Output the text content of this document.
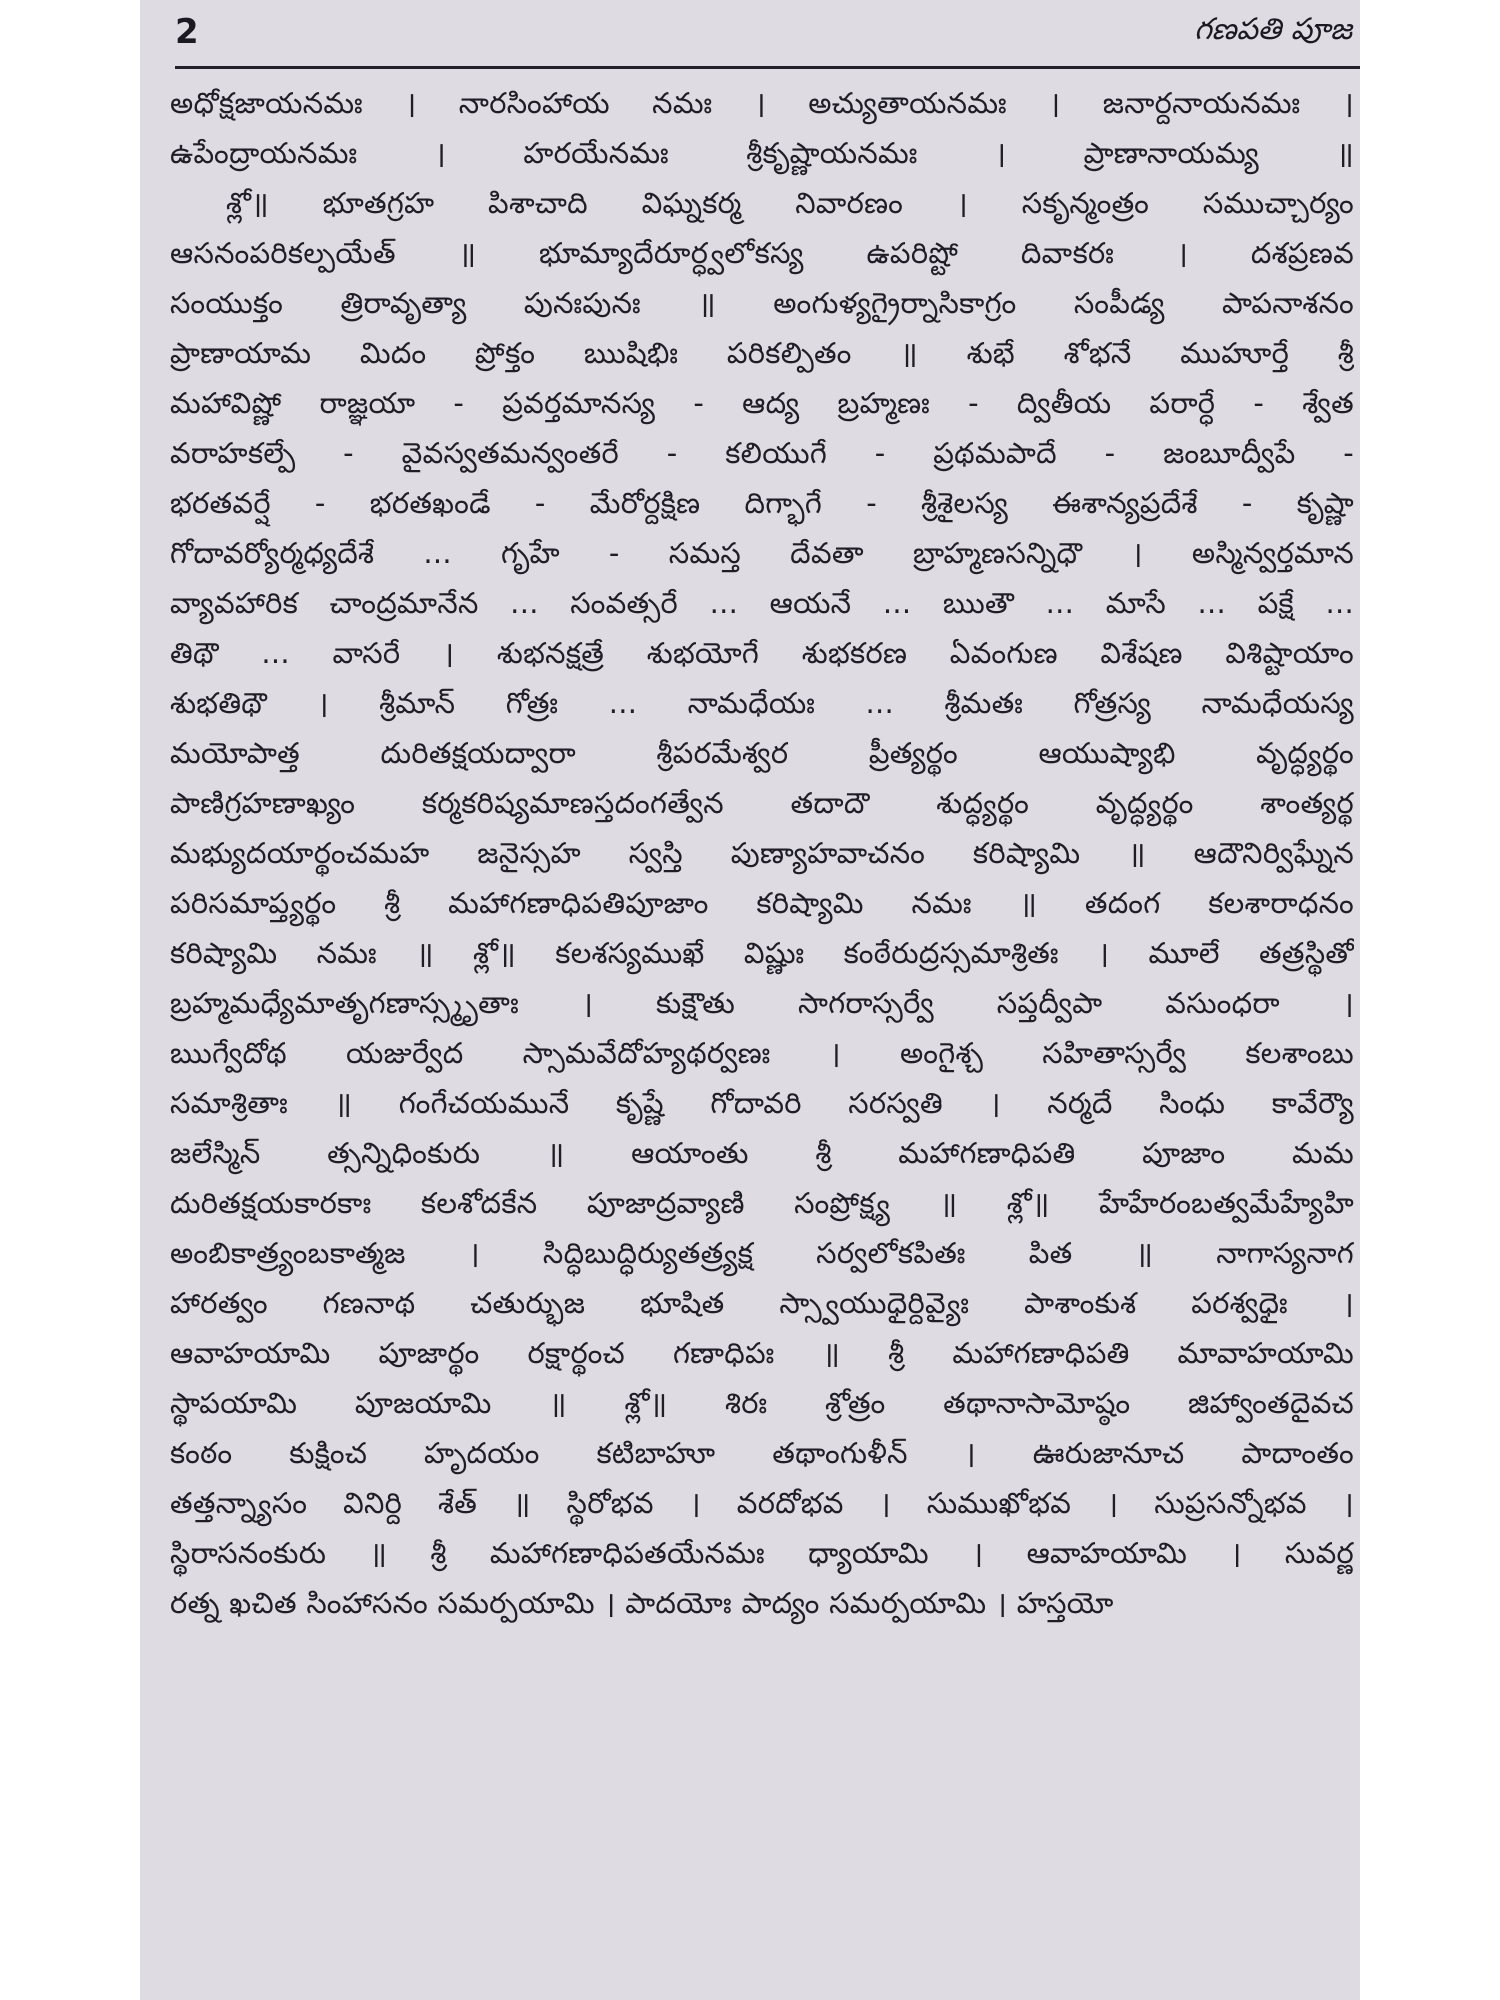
2	గణపతి పూజ
అధోక్షజాయనమః । నారసింహాయ నమః । అచ్యుతాయనమః । జనార్దనాయనమః ।
ఉపేంద్రాయనమః । హరయేనమః శ్రీకృష్ణాయనమః । ప్రాణానాయమ్య ॥
శ్లో॥ భూతగ్రహ పిశాచాది విఘ్నకర్మ నివారణం । సకృన్మంత్రం సముచ్చార్యం
ఆసనంపరికల్పయేత్ ॥ భూమ్యాదేరూర్ధ్వలోకస్య ఉపరిష్టో దివాకరః । దశప్రణవ
సంయుక్తం త్రిరావృత్యా పునఃపునః ॥ అంగుళ్యగ్రైర్నాసికాగ్రం సంపీడ్య పాపనాశనం
ప్రాణాయామ మిదం ప్రోక్తం ఋషిభిః పరికల్పితం ॥ శుభే శోభనే ముహూర్తే శ్రీ
మహావిష్ణో రాజ్ఞయా - ప్రవర్తమానస్య - ఆద్య బ్రహ్మణః - ద్వితీయ పరార్ధే - శ్వేత
వరాహకల్పే - వైవస్వతమన్వంతరే - కలియుగే - ప్రథమపాదే - జంబూద్వీపే -
భరతవర్షే - భరతఖండే - మేరోర్దక్షిణ దిగ్భాగే - శ్రీశైలస్య ఈశాన్యప్రదేశే - కృష్ణా
గోదావర్యోర్మధ్యదేశే ... గృహే - సమస్త దేవతా బ్రాహ్మణసన్నిధౌ । అస్మిన్వర్తమాన
వ్యావహారిక చాంద్రమానేన ... సంవత్సరే ... ఆయనే ... ఋతౌ ... మాసే ... పక్షే ...
తిథౌ ... వాసరే । శుభనక్షత్రే శుభయోగే శుభకరణ ఏవంగుణ విశేషణ విశిష్టాయాం
శుభతిథౌ । శ్రీమాన్ గోత్రః ... నామధేయః ... శ్రీమతః గోత్రస్య నామధేయస్య
మయోపాత్త దురితక్షయద్వారా శ్రీపరమేశ్వర ప్రీత్యర్థం ఆయుష్యాభి వృద్ధ్యర్థం
పాణిగ్రహణాఖ్యం కర్మకరిష్యమాణస్తదంగత్వేన తదాదౌ శుద్ధ్యర్థం వృద్ధ్యర్థం శాంత్యర్థ
మభ్యుదయార్థంచమహ జనైస్సహ స్వస్తి పుణ్యాహవాచనం కరిష్యామి ॥ ఆదౌనిర్విఘ్నేన
పరిసమాప్త్యర్థం శ్రీ మహాగణాధిపతిపూజాం కరిష్యామి నమః ॥ తదంగ కలశారాధనం
కరిష్యామి నమః ॥ శ్లో॥ కలశస్యముఖే విష్ణుః కంఠేరుద్రస్సమాశ్రితః । మూలే తత్రస్థితో
బ్రహ్మమధ్యేమాతృగణాస్స్మృతాః । కుక్షౌతు సాగరాస్సర్వే సప్తద్వీపా వసుంధరా ।
ఋగ్వేదోథ యజుర్వేద స్సామవేదోహ్యథర్వణః । అంగైశ్చ సహితాస్సర్వే కలశాంబు
సమాశ్రితాః ॥ గంగేచయమునే కృష్ణే గోదావరి సరస్వతి । నర్మదే సింధు కావేర్యౌ
జలేస్మిన్ త్సన్నిధింకురు ॥ ఆయాంతు శ్రీ మహాగణాధిపతి పూజాం మమ
దురితక్షయకారకాః కలశోదకేన పూజాద్రవ్యాణి సంప్రోక్ష్య ॥ శ్లో॥ హేహేరంబత్వమేహ్యేహి
అంబికాత్ర్యంబకాత్మజ । సిద్ధిబుద్ధిర్యుతత్ర్యక్ష సర్వలోకపితః పిత ॥ నాగాస్యనాగ
హారత్వం గణనాథ చతుర్భుజ భూషిత స్స్వాయుధైర్దివ్యైః పాశాంకుశ పరశ్వధైః ।
ఆవాహయామి పూజార్థం రక్షార్థంచ గణాధిపః ॥ శ్రీ మహాగణాధిపతి మావాహయామి
స్థాపయామి పూజయామి ॥ శ్లో॥ శిరః శ్రోత్రం తథానాసామోష్ఠం జిహ్వాంతదైవచ
కంఠం కుక్షించ హృదయం కటిబాహూ తథాంగుళీన్ । ఊరుజానూచ పాదాంతం
తత్తన్న్యాసం వినిర్ది శేత్ ॥ స్థిరోభవ । వరదోభవ । సుముఖోభవ । సుప్రసన్నోభవ ।
స్థిరాసనంకురు ॥ శ్రీ మహాగణాధిపతయేనమః ధ్యాయామి । ఆవాహయామి । సువర్ణ
రత్న ఖచిత సింహాసనం సమర్పయామి । పాదయోః పాద్యం సమర్పయామి । హస్తయో
